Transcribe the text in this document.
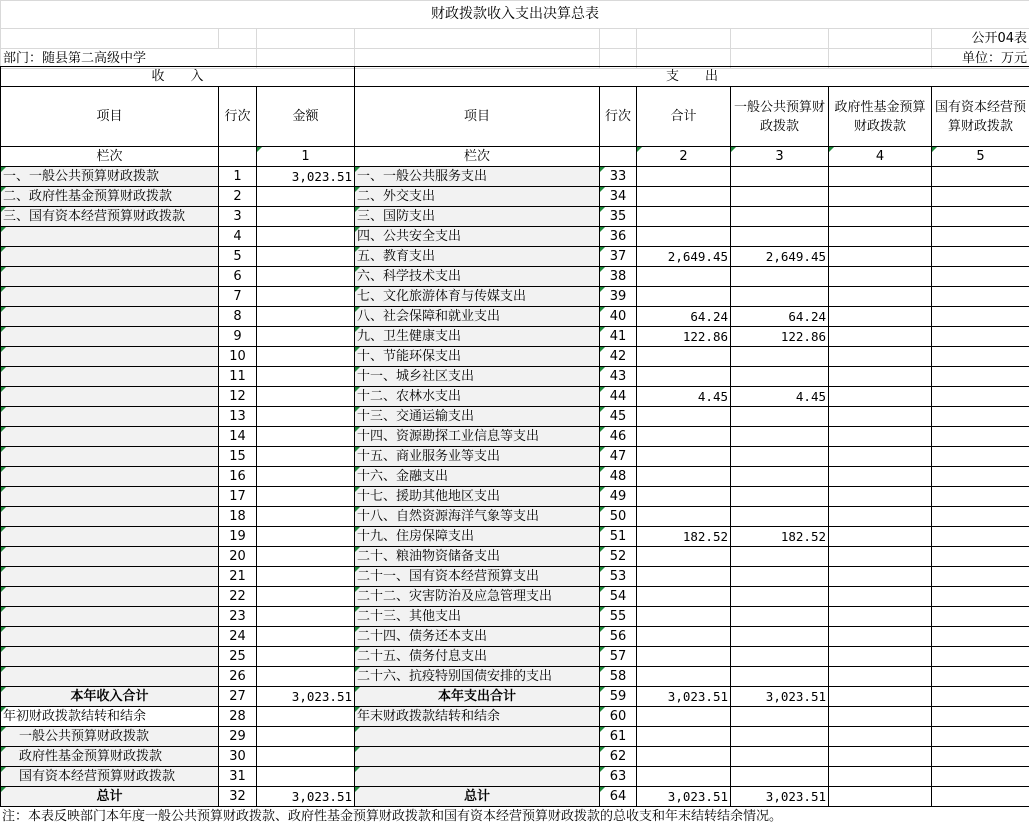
财政拨款收入支出决算总表								
								公开04表
部门：随县第二高级中学								单位：万元
收　　入			支　　出					
项目	行次	金额	项目	行次	合计	一般公共预算财政拨款	政府性基金预算财政拨款	国有资本经营预算财政拨款
栏次		1	栏次		2	3	4	5
一、一般公共预算财政拨款	1	3,023.51	一、一般公共服务支出	33				
二、政府性基金预算财政拨款	2		二、外交支出	34				
三、国有资本经营预算财政拨款	3		三、国防支出	35				
	4		四、公共安全支出	36				
	5		五、教育支出	37	2,649.45	2,649.45		
	6		六、科学技术支出	38				
	7		七、文化旅游体育与传媒支出	39				
	8		八、社会保障和就业支出	40	64.24	64.24		
	9		九、卫生健康支出	41	122.86	122.86		
	10		十、节能环保支出	42				
	11		十一、城乡社区支出	43				
	12		十二、农林水支出	44	4.45	4.45		
	13		十三、交通运输支出	45				
	14		十四、资源勘探工业信息等支出	46				
	15		十五、商业服务业等支出	47				
	16		十六、金融支出	48				
	17		十七、援助其他地区支出	49				
	18		十八、自然资源海洋气象等支出	50				
	19		十九、住房保障支出	51	182.52	182.52		
	20		二十、粮油物资储备支出	52				
	21		二十一、国有资本经营预算支出	53				
	22		二十二、灾害防治及应急管理支出	54				
	23		二十三、其他支出	55				
	24		二十四、债务还本支出	56				
	25		二十五、债务付息支出	57				
	26		二十六、抗疫特别国债安排的支出	58				
本年收入合计	27	3,023.51	本年支出合计	59	3,023.51	3,023.51		
年初财政拨款结转和结余	28		年末财政拨款结转和结余	60				
一般公共预算财政拨款	29			61				
政府性基金预算财政拨款	30			62				
国有资本经营预算财政拨款	31			63				
总计	32	3,023.51	总计	64	3,023.51	3,023.51		
注：本表反映部门本年度一般公共预算财政拨款、政府性基金预算财政拨款和国有资本经营预算财政拨款的总收支和年末结转结余情况。
